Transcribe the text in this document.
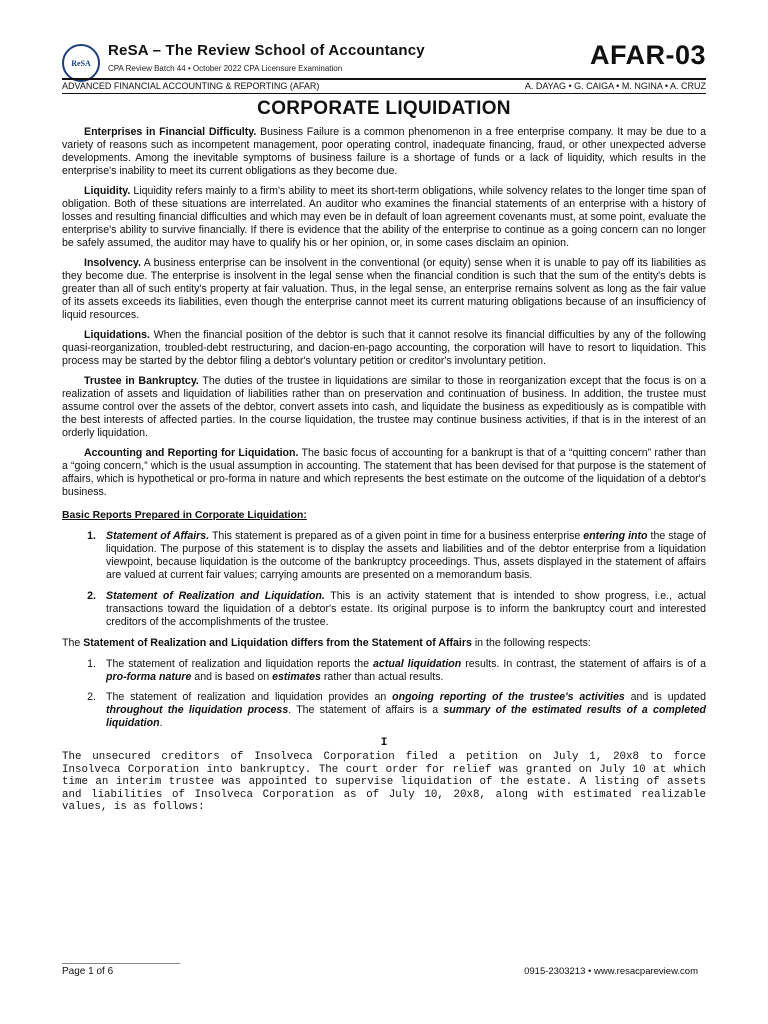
ReSA
ReSA – The Review School of Accountancy
CPA Review Batch 44 • October 2022 CPA Licensure Examination	AFAR-03
ADVANCED FINANCIAL ACCOUNTING & REPORTING (AFAR)	A. DAYAG • G. CAIGA • M. NGINA • A. CRUZ
CORPORATE LIQUIDATION

Enterprises in Financial Difficulty. Business Failure is a common phenomenon in a free enterprise company. It may be due to a variety of reasons such as incompetent management, poor operating control, inadequate financing, fraud, or other unexpected adverse developments. Among the inevitable symptoms of business failure is a shortage of funds or a lack of liquidity, which results in the enterprise's inability to meet its current obligations as they become due.

Liquidity. Liquidity refers mainly to a firm's ability to meet its short-term obligations, while solvency relates to the longer time span of obligation. Both of these situations are interrelated. An auditor who examines the financial statements of an enterprise with a history of losses and resulting financial difficulties and which may even be in default of loan agreement covenants must, at some point, evaluate the enterprise's ability to survive financially. If there is evidence that the ability of the enterprise to continue as a going concern can no longer be safely assumed, the auditor may have to qualify his or her opinion, or, in some cases disclaim an opinion.

Insolvency. A business enterprise can be insolvent in the conventional (or equity) sense when it is unable to pay off its liabilities as they become due. The enterprise is insolvent in the legal sense when the financial condition is such that the sum of the entity's debts is greater than all of such entity's property at fair valuation. Thus, in the legal sense, an enterprise remains solvent as long as the fair value of its assets exceeds its liabilities, even though the enterprise cannot meet its current maturing obligations because of an insufficiency of liquid resources.

Liquidations. When the financial position of the debtor is such that it cannot resolve its financial difficulties by any of the following quasi-reorganization, troubled-debt restructuring, and dacion-en-pago accounting, the corporation will have to resort to liquidation. This process may be started by the debtor filing a debtor's voluntary petition or creditor's involuntary petition.

Trustee in Bankruptcy. The duties of the trustee in liquidations are similar to those in reorganization except that the focus is on a realization of assets and liquidation of liabilities rather than on preservation and continuation of business. In addition, the trustee must assume control over the assets of the debtor, convert assets into cash, and liquidate the business as expeditiously as is compatible with the best interests of affected parties. In the course liquidation, the trustee may continue business activities, if that is in the interest of an orderly liquidation.

Accounting and Reporting for Liquidation. The basic focus of accounting for a bankrupt is that of a “quitting concern” rather than a “going concern,” which is the usual assumption in accounting. The statement that has been devised for that purpose is the statement of affairs, which is hypothetical or pro-forma in nature and which represents the best estimate on the outcome of the liquidation of a debtor's business.

Basic Reports Prepared in Corporate Liquidation:
1. Statement of Affairs. This statement is prepared as of a given point in time for a business enterprise entering into the stage of liquidation. The purpose of this statement is to display the assets and liabilities and of the debtor enterprise from a liquidation viewpoint, because liquidation is the outcome of the bankruptcy proceedings. Thus, assets displayed in the statement of affairs are valued at current fair values; carrying amounts are presented on a memorandum basis.
2. Statement of Realization and Liquidation. This is an activity statement that is intended to show progress, i.e., actual transactions toward the liquidation of a debtor's estate. Its original purpose is to inform the bankruptcy court and interested creditors of the accomplishments of the trustee.
The Statement of Realization and Liquidation differs from the Statement of Affairs in the following respects:
1. The statement of realization and liquidation reports the actual liquidation results. In contrast, the statement of affairs is of a pro-forma nature and is based on estimates rather than actual results.
2. The statement of realization and liquidation provides an ongoing reporting of the trustee's activities and is updated throughout the liquidation process. The statement of affairs is a summary of the estimated results of a completed liquidation.
I

The unsecured creditors of Insolveca Corporation filed a petition on July 1, 20x8 to force Insolveca Corporation into bankruptcy. The court order for relief was granted on July 10 at which time an interim trustee was appointed to supervise liquidation of the estate. A listing of assets and liabilities of Insolveca Corporation as of July 10, 20x8, along with estimated realizable values, is as follows:

Page 1 of 6	0915-2303213 • www.resacpareview.com
